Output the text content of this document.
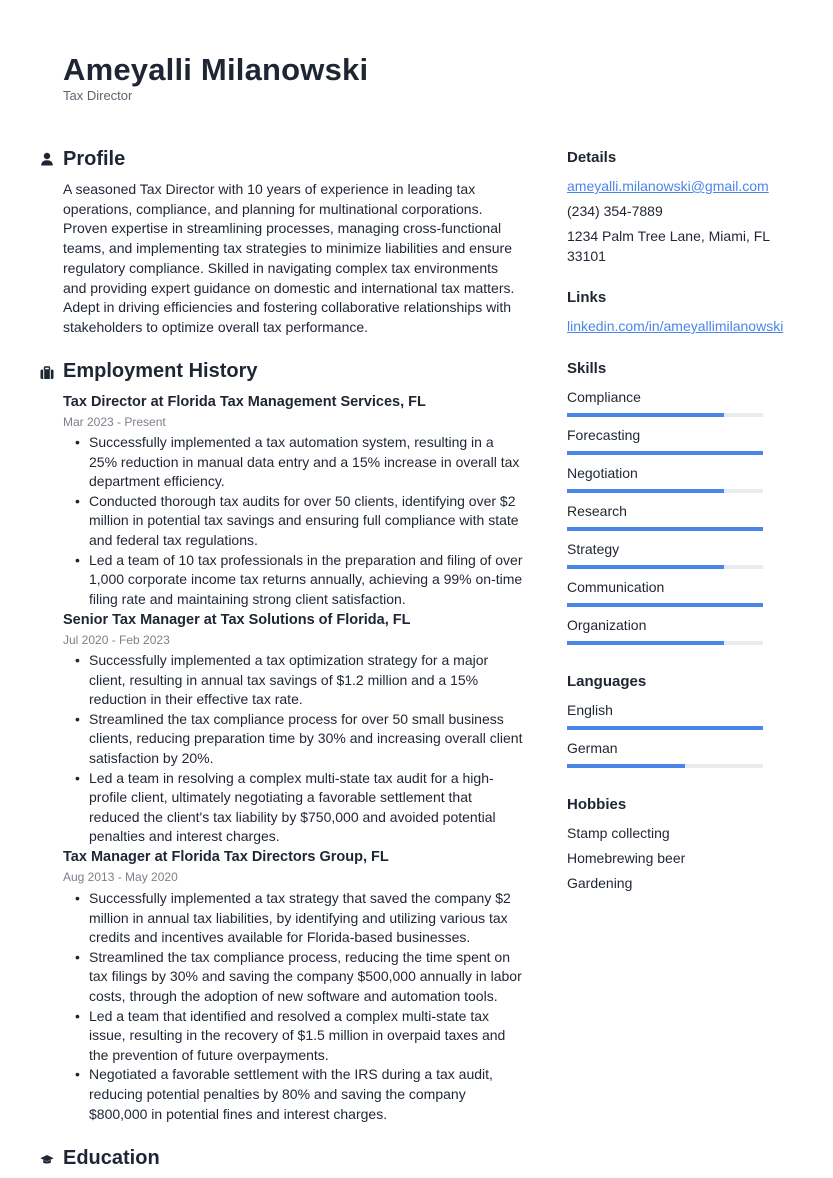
Ameyalli Milanowski
Tax Director
Profile
A seasoned Tax Director with 10 years of experience in leading tax
operations, compliance, and planning for multinational corporations.
Proven expertise in streamlining processes, managing cross-functional
teams, and implementing tax strategies to minimize liabilities and ensure
regulatory compliance. Skilled in navigating complex tax environments
and providing expert guidance on domestic and international tax matters.
Adept in driving efficiencies and fostering collaborative relationships with
stakeholders to optimize overall tax performance.
Employment History
Tax Director at Florida Tax Management Services, FL
Mar 2023 - Present
• Successfully implemented a tax automation system, resulting in a 25% reduction in manual data entry and a 15% increase in overall tax department efficiency.
• Conducted thorough tax audits for over 50 clients, identifying over $2 million in potential tax savings and ensuring full compliance with state and federal tax regulations.
• Led a team of 10 tax professionals in the preparation and filing of over 1,000 corporate income tax returns annually, achieving a 99% on-time filing rate and maintaining strong client satisfaction.
Senior Tax Manager at Tax Solutions of Florida, FL
Jul 2020 - Feb 2023
• Successfully implemented a tax optimization strategy for a major client, resulting in annual tax savings of $1.2 million and a 15% reduction in their effective tax rate.
• Streamlined the tax compliance process for over 50 small business clients, reducing preparation time by 30% and increasing overall client satisfaction by 20%.
• Led a team in resolving a complex multi-state tax audit for a high-profile client, ultimately negotiating a favorable settlement that reduced the client's tax liability by $750,000 and avoided potential penalties and interest charges.
Tax Manager at Florida Tax Directors Group, FL
Aug 2013 - May 2020
• Successfully implemented a tax strategy that saved the company $2 million in annual tax liabilities, by identifying and utilizing various tax credits and incentives available for Florida-based businesses.
• Streamlined the tax compliance process, reducing the time spent on tax filings by 30% and saving the company $500,000 annually in labor costs, through the adoption of new software and automation tools.
• Led a team that identified and resolved a complex multi-state tax issue, resulting in the recovery of $1.5 million in overpaid taxes and the prevention of future overpayments.
• Negotiated a favorable settlement with the IRS during a tax audit, reducing potential penalties by 80% and saving the company $800,000 in potential fines and interest charges.
Education
Details
ameyalli.milanowski@gmail.com
(234) 354-7889
1234 Palm Tree Lane, Miami, FL
33101
Links
linkedin.com/in/ameyallimilanowski
Skills
Compliance
Forecasting
Negotiation
Research
Strategy
Communication
Organization
Languages
English
German
Hobbies
Stamp collecting
Homebrewing beer
Gardening
